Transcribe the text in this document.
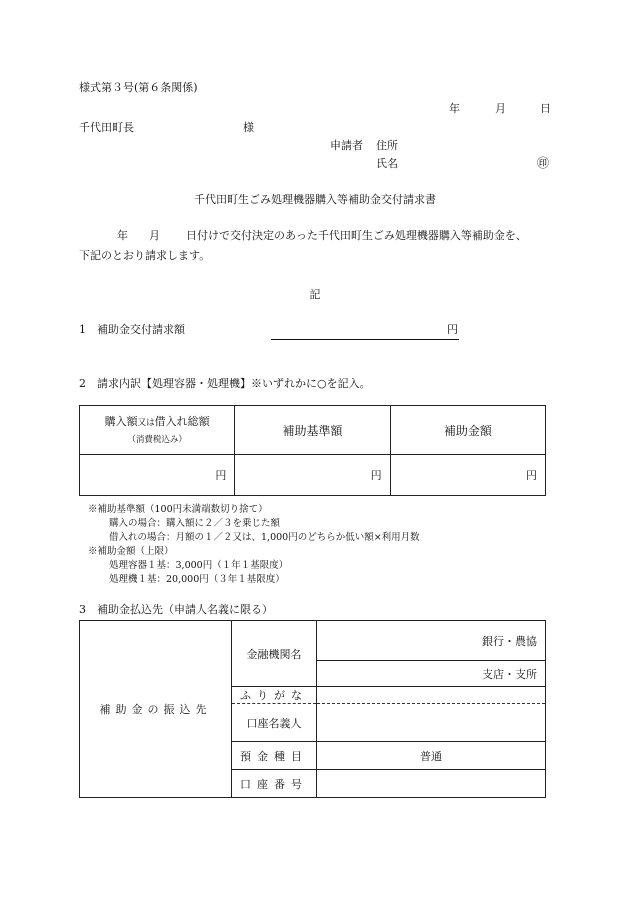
様式第３号(第６条関係)
年	月	日
千代田町長	様
申請者 住所
氏名	㊞
千代田町生ごみ処理機器購入等補助金交付請求書
年 月 日付けで交付決定のあった千代田町生ごみ処理機器購入等補助金を、
下記のとおり請求します。
記
1　補助金交付請求額	円
2　請求内訳【処理容器・処理機】※いずれかに○を記入。
購入額又は借入れ総額
（消費税込み）	補助基準額	補助金額
円	円	円
※補助基準額（100円未満端数切り捨て）
購入の場合：購入額に２／３を乗じた額
借入れの場合：月額の１／２又は、1,000円のどちらか低い額×利用月数
※補助金額（上限）
処理容器１基：3,000円（１年１基限度）
処理機１基：20,000円（３年１基限度）
3　補助金払込先（申請人名義に限る）
補助金の振込先	金融機関名	銀行・農協
		支店・支所
	ふりがな	
	口座名義人	
	預金種目	普通
	口座番号	
